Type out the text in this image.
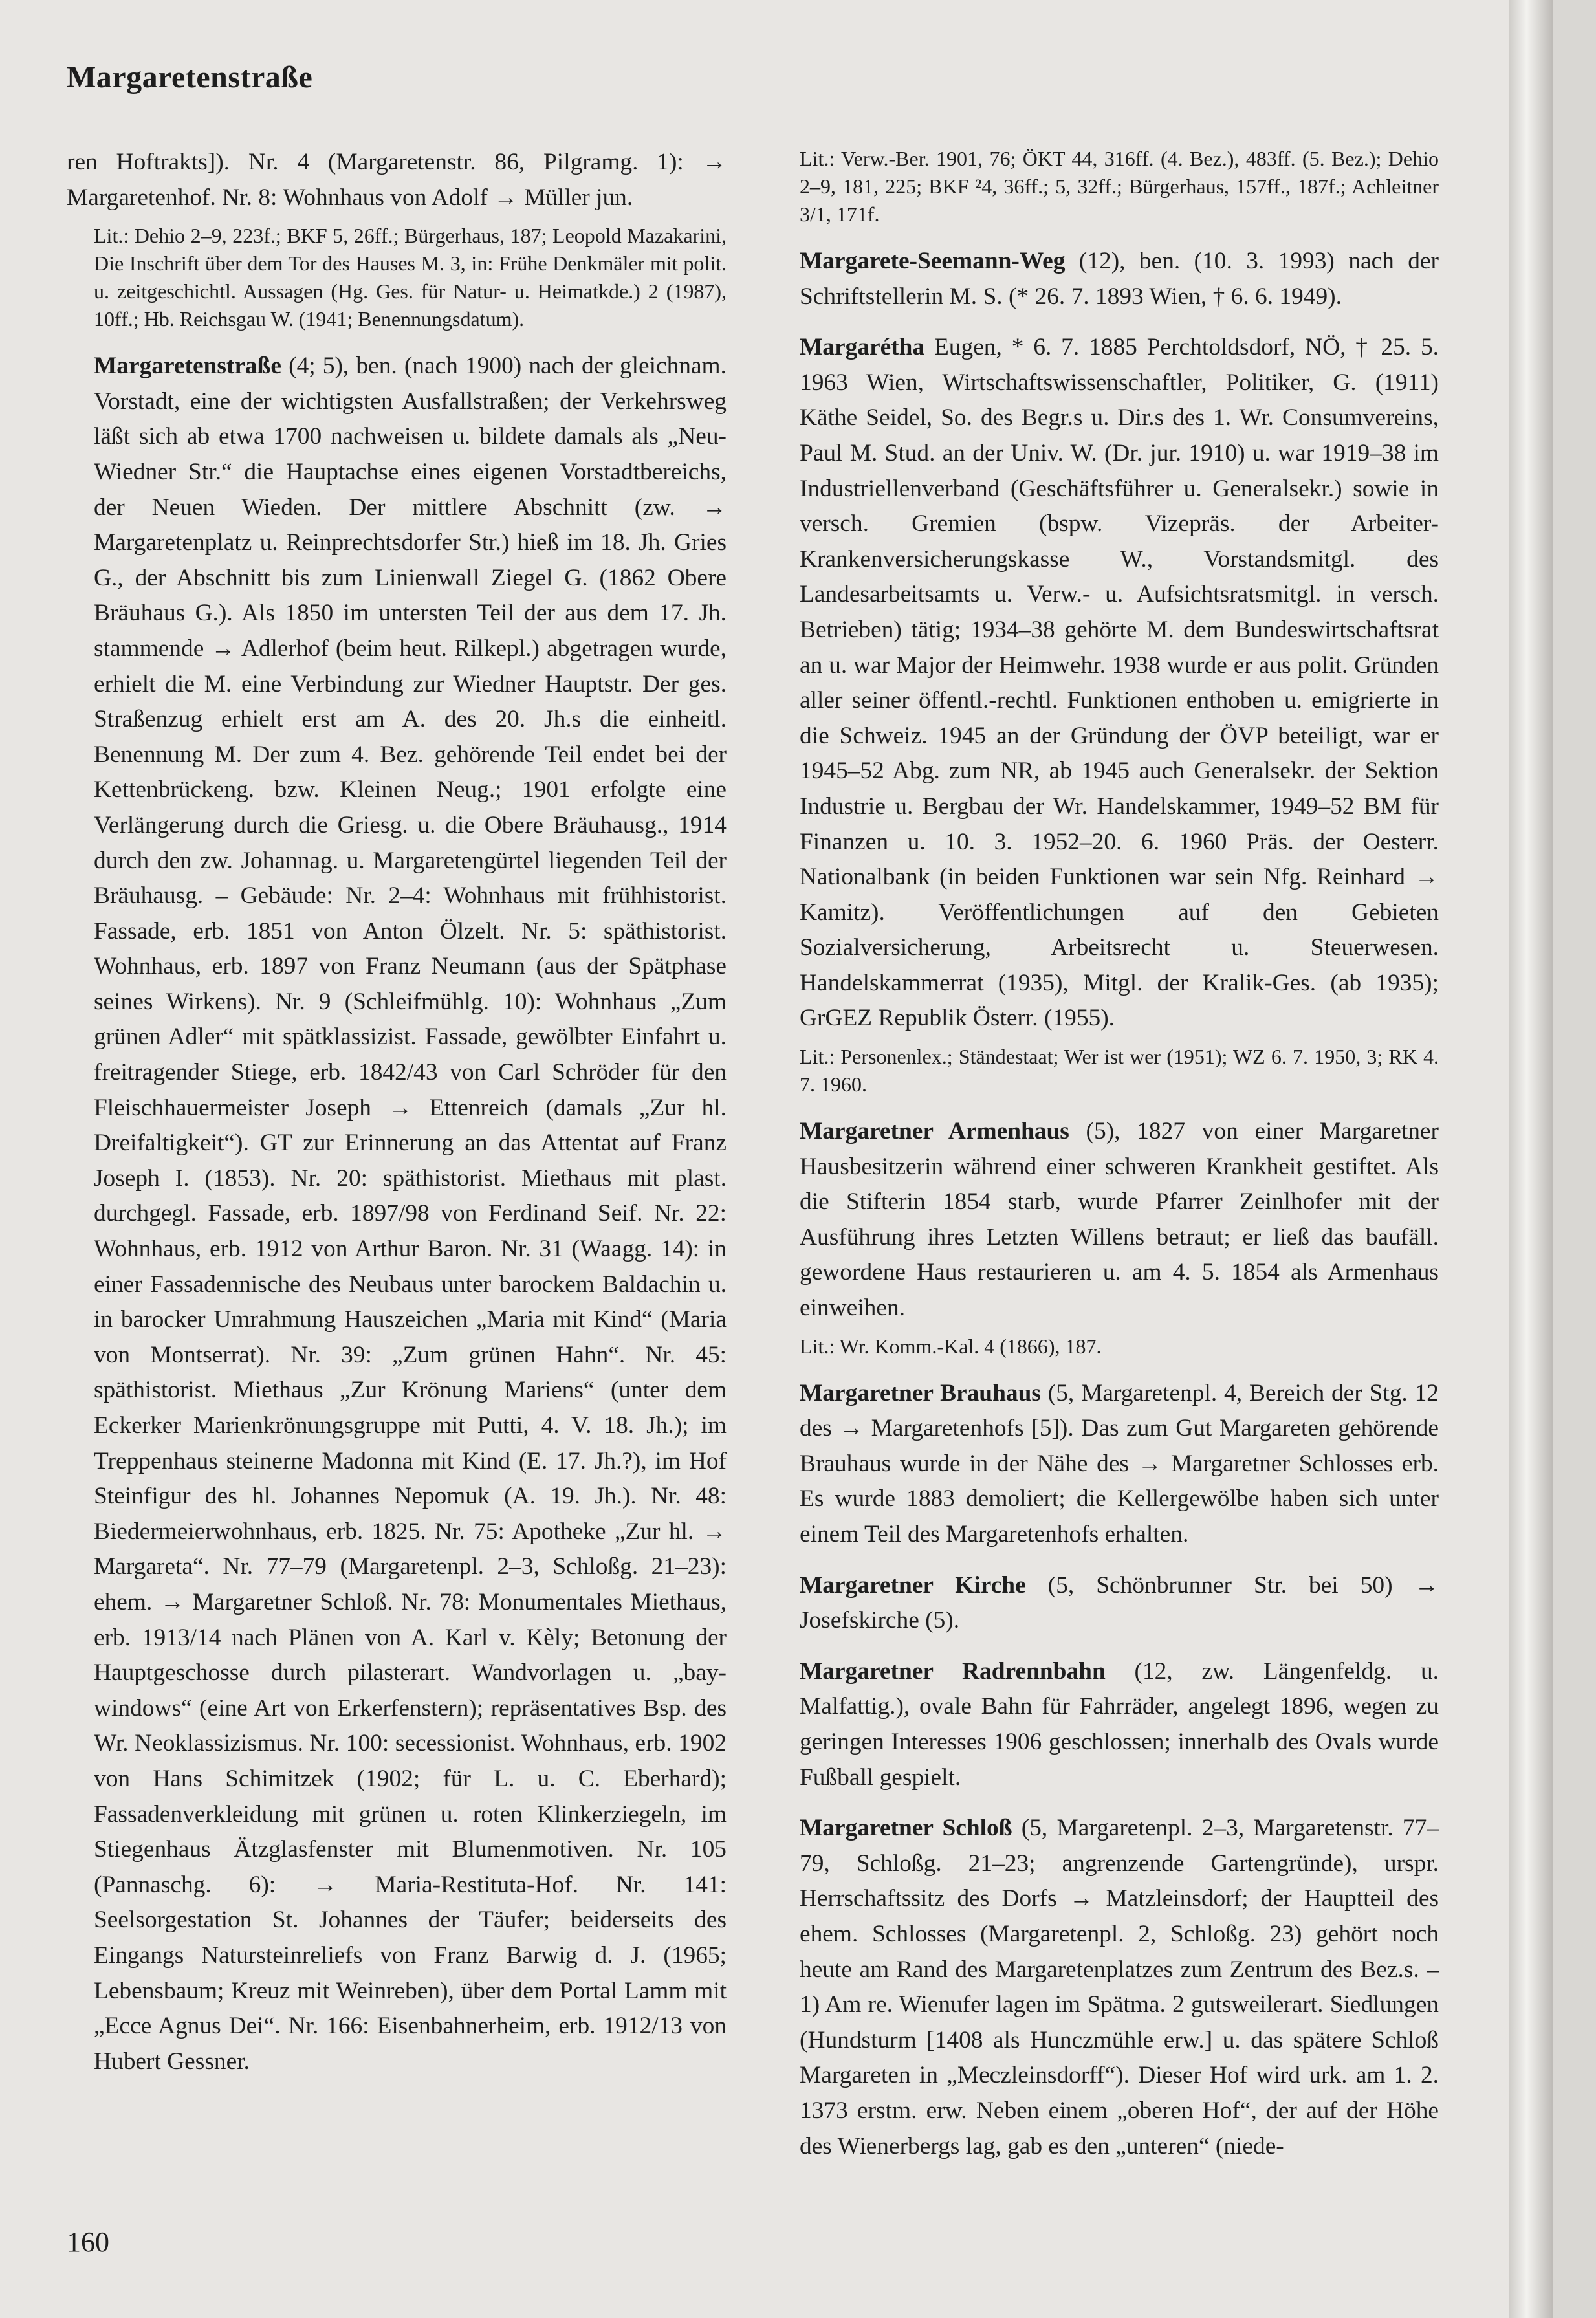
Margaretenstraße

ren Hoftrakts]). Nr. 4 (Margaretenstr. 86, Pilgramg. 1): → Margaretenhof. Nr. 8: Wohnhaus von Adolf → Müller jun.

Lit.: Dehio 2–9, 223f.; BKF 5, 26ff.; Bürgerhaus, 187; Leopold Mazakarini, Die Inschrift über dem Tor des Hauses M. 3, in: Frühe Denkmäler mit polit. u. zeitgeschichtl. Aussagen (Hg. Ges. für Natur- u. Heimatkde.) 2 (1987), 10ff.; Hb. Reichsgau W. (1941; Benennungsdatum).

Margaretenstraße (4; 5), ben. (nach 1900) nach der gleichnam. Vorstadt, eine der wichtigsten Ausfallstraßen; der Verkehrsweg läßt sich ab etwa 1700 nachweisen u. bildete damals als „Neu-Wiedner Str.“ die Hauptachse eines eigenen Vorstadtbereichs, der Neuen Wieden. Der mittlere Abschnitt (zw. → Margaretenplatz u. Reinprechtsdorfer Str.) hieß im 18. Jh. Gries G., der Abschnitt bis zum Linienwall Ziegel G. (1862 Obere Bräuhaus G.). Als 1850 im untersten Teil der aus dem 17. Jh. stammende → Adlerhof (beim heut. Rilkepl.) abgetragen wurde, erhielt die M. eine Verbindung zur Wiedner Hauptstr. Der ges. Straßenzug erhielt erst am A. des 20. Jh.s die einheitl. Benennung M. Der zum 4. Bez. gehörende Teil endet bei der Kettenbrückeng. bzw. Kleinen Neug.; 1901 erfolgte eine Verlängerung durch die Griesg. u. die Obere Bräuhausg., 1914 durch den zw. Johannag. u. Margaretengürtel liegenden Teil der Bräuhausg. – Gebäude: Nr. 2–4: Wohnhaus mit frühhistorist. Fassade, erb. 1851 von Anton Ölzelt. Nr. 5: späthistorist. Wohnhaus, erb. 1897 von Franz Neumann (aus der Spätphase seines Wirkens). Nr. 9 (Schleifmühlg. 10): Wohnhaus „Zum grünen Adler“ mit spätklassizist. Fassade, gewölbter Einfahrt u. freitragender Stiege, erb. 1842/43 von Carl Schröder für den Fleischhauermeister Joseph → Ettenreich (damals „Zur hl. Dreifaltigkeit“). GT zur Erinnerung an das Attentat auf Franz Joseph I. (1853). Nr. 20: späthistorist. Miethaus mit plast. durchgegl. Fassade, erb. 1897/98 von Ferdinand Seif. Nr. 22: Wohnhaus, erb. 1912 von Arthur Baron. Nr. 31 (Waagg. 14): in einer Fassadennische des Neubaus unter barockem Baldachin u. in barocker Umrahmung Hauszeichen „Maria mit Kind“ (Maria von Montserrat). Nr. 39: „Zum grünen Hahn“. Nr. 45: späthistorist. Miethaus „Zur Krönung Mariens“ (unter dem Eckerker Marienkrönungsgruppe mit Putti, 4. V. 18. Jh.); im Treppenhaus steinerne Madonna mit Kind (E. 17. Jh.?), im Hof Steinfigur des hl. Johannes Nepomuk (A. 19. Jh.). Nr. 48: Biedermeierwohnhaus, erb. 1825. Nr. 75: Apotheke „Zur hl. → Margareta“. Nr. 77–79 (Margaretenpl. 2–3, Schloßg. 21–23): ehem. → Margaretner Schloß. Nr. 78: Monumentales Miethaus, erb. 1913/14 nach Plänen von A. Karl v. Kèly; Betonung der Hauptgeschosse durch pilasterart. Wandvorlagen u. „bay-windows“ (eine Art von Erkerfenstern); repräsentatives Bsp. des Wr. Neoklassizismus. Nr. 100: secessionist. Wohnhaus, erb. 1902 von Hans Schimitzek (1902; für L. u. C. Eberhard); Fassadenverkleidung mit grünen u. roten Klinkerziegeln, im Stiegenhaus Ätzglasfenster mit Blumenmotiven. Nr. 105 (Pannaschg. 6): → Maria-Restituta-Hof. Nr. 141: Seelsorgestation St. Johannes der Täufer; beiderseits des Eingangs Natursteinreliefs von Franz Barwig d. J. (1965; Lebensbaum; Kreuz mit Weinreben), über dem Portal Lamm mit „Ecce Agnus Dei“. Nr. 166: Eisenbahnerheim, erb. 1912/13 von Hubert Gessner.

Lit.: Verw.-Ber. 1901, 76; ÖKT 44, 316ff. (4. Bez.), 483ff. (5. Bez.); Dehio 2–9, 181, 225; BKF ²4, 36ff.; 5, 32ff.; Bürgerhaus, 157ff., 187f.; Achleitner 3/1, 171f.

Margarete-Seemann-Weg (12), ben. (10. 3. 1993) nach der Schriftstellerin M. S. (* 26. 7. 1893 Wien, † 6. 6. 1949).

Margarétha Eugen, * 6. 7. 1885 Perchtoldsdorf, NÖ, † 25. 5. 1963 Wien, Wirtschaftswissenschaftler, Politiker, G. (1911) Käthe Seidel, So. des Begr.s u. Dir.s des 1. Wr. Consumvereins, Paul M. Stud. an der Univ. W. (Dr. jur. 1910) u. war 1919–38 im Industriellenverband (Geschäftsführer u. Generalsekr.) sowie in versch. Gremien (bspw. Vizepräs. der Arbeiter-Krankenversicherungskasse W., Vorstandsmitgl. des Landesarbeitsamts u. Verw.- u. Aufsichtsratsmitgl. in versch. Betrieben) tätig; 1934–38 gehörte M. dem Bundeswirtschaftsrat an u. war Major der Heimwehr. 1938 wurde er aus polit. Gründen aller seiner öffentl.-rechtl. Funktionen enthoben u. emigrierte in die Schweiz. 1945 an der Gründung der ÖVP beteiligt, war er 1945–52 Abg. zum NR, ab 1945 auch Generalsekr. der Sektion Industrie u. Bergbau der Wr. Handelskammer, 1949–52 BM für Finanzen u. 10. 3. 1952–20. 6. 1960 Präs. der Oesterr. Nationalbank (in beiden Funktionen war sein Nfg. Reinhard → Kamitz). Veröffentlichungen auf den Gebieten Sozialversicherung, Arbeitsrecht u. Steuerwesen. Handelskammerrat (1935), Mitgl. der Kralik-Ges. (ab 1935); GrGEZ Republik Österr. (1955).

Lit.: Personenlex.; Ständestaat; Wer ist wer (1951); WZ 6. 7. 1950, 3; RK 4. 7. 1960.

Margaretner Armenhaus (5), 1827 von einer Margaretner Hausbesitzerin während einer schweren Krankheit gestiftet. Als die Stifterin 1854 starb, wurde Pfarrer Zeinlhofer mit der Ausführung ihres Letzten Willens betraut; er ließ das baufäll. gewordene Haus restaurieren u. am 4. 5. 1854 als Armenhaus einweihen.

Lit.: Wr. Komm.-Kal. 4 (1866), 187.

Margaretner Brauhaus (5, Margaretenpl. 4, Bereich der Stg. 12 des → Margaretenhofs [5]). Das zum Gut Margareten gehörende Brauhaus wurde in der Nähe des → Margaretner Schlosses erb. Es wurde 1883 demoliert; die Kellergewölbe haben sich unter einem Teil des Margaretenhofs erhalten.

Margaretner Kirche (5, Schönbrunner Str. bei 50) → Josefskirche (5).

Margaretner Radrennbahn (12, zw. Längenfeldg. u. Malfattig.), ovale Bahn für Fahrräder, angelegt 1896, wegen zu geringen Interesses 1906 geschlossen; innerhalb des Ovals wurde Fußball gespielt.

Margaretner Schloß (5, Margaretenpl. 2–3, Margaretenstr. 77–79, Schloßg. 21–23; angrenzende Gartengründe), urspr. Herrschaftssitz des Dorfs → Matzleinsdorf; der Hauptteil des ehem. Schlosses (Margaretenpl. 2, Schloßg. 23) gehört noch heute am Rand des Margaretenplatzes zum Zentrum des Bez.s. – 1) Am re. Wienufer lagen im Spätma. 2 gutsweilerart. Siedlungen (Hundsturm [1408 als Hunczmühle erw.] u. das spätere Schloß Margareten in „Meczleinsdorff“). Dieser Hof wird urk. am 1. 2. 1373 erstm. erw. Neben einem „oberen Hof“, der auf der Höhe des Wienerbergs lag, gab es den „unteren“ (niede-

160
